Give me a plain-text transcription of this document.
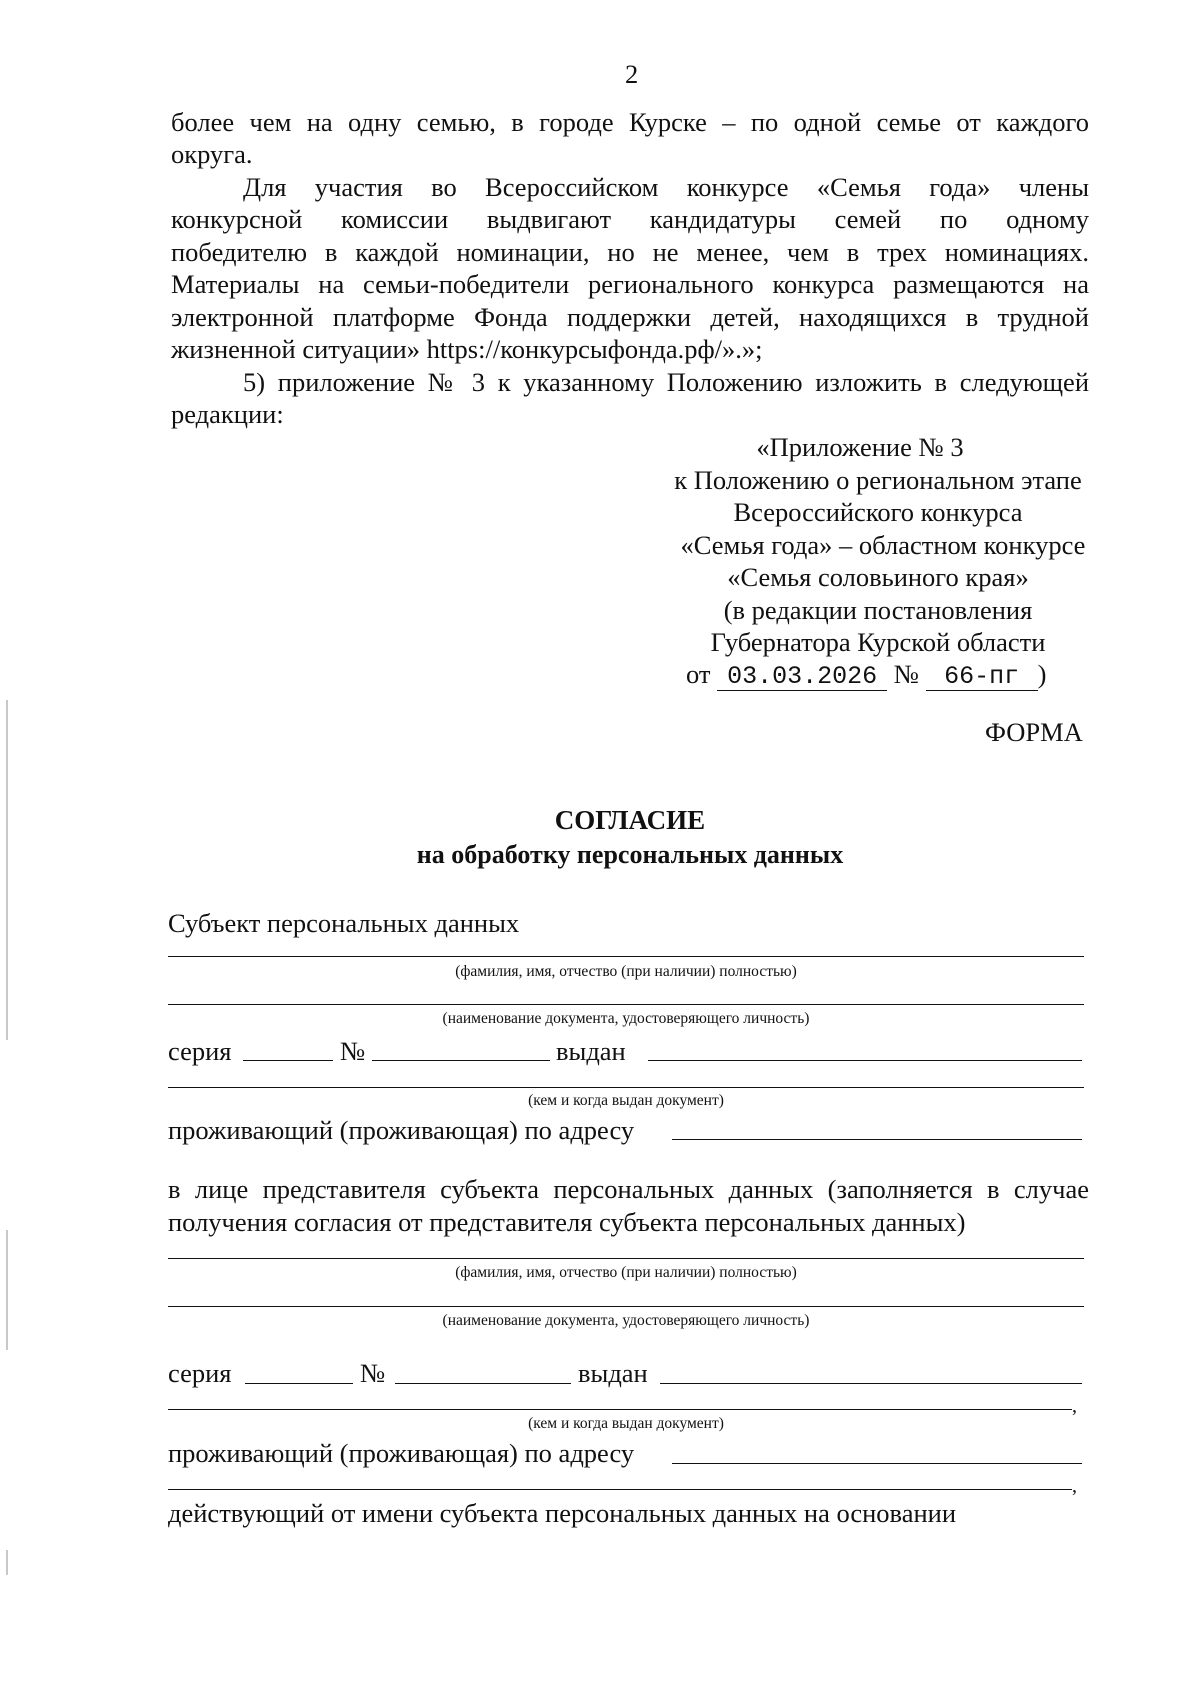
2
более чем на одну семью, в городе Курске – по одной семье от каждого
округа.
Для участия во Всероссийском конкурсе «Семья года» члены
конкурсной комиссии выдвигают кандидатуры семей по одному
победителю в каждой номинации, но не менее, чем в трех номинациях.
Материалы на семьи-победители регионального конкурса размещаются на
электронной платформе Фонда поддержки детей, находящихся в трудной
жизненной ситуации» https://конкурсыфонда.рф/».»;
5) приложение № 3 к указанному Положению изложить в следующей
редакции:
«Приложение № 3
к Положению о региональном этапе
Всероссийского конкурса
«Семья года» – областном конкурсе
«Семья соловьиного края»
(в редакции постановления
Губернатора Курской области
от 03.03.2026 № 66-пг )
ФОРМА
СОГЛАСИЕ
на обработку персональных данных
Субъект персональных данных
(фамилия, имя, отчество (при наличии) полностью)
(наименование документа, удостоверяющего личность)
серия	№	выдан
(кем и когда выдан документ)
проживающий (проживающая) по адресу
в лице представителя субъекта персональных данных (заполняется в случае
получения согласия от представителя субъекта персональных данных)
(фамилия, имя, отчество (при наличии) полностью)
(наименование документа, удостоверяющего личность)
серия	№	выдан
,
(кем и когда выдан документ)
проживающий (проживающая) по адресу
,
действующий от имени субъекта персональных данных на основании
